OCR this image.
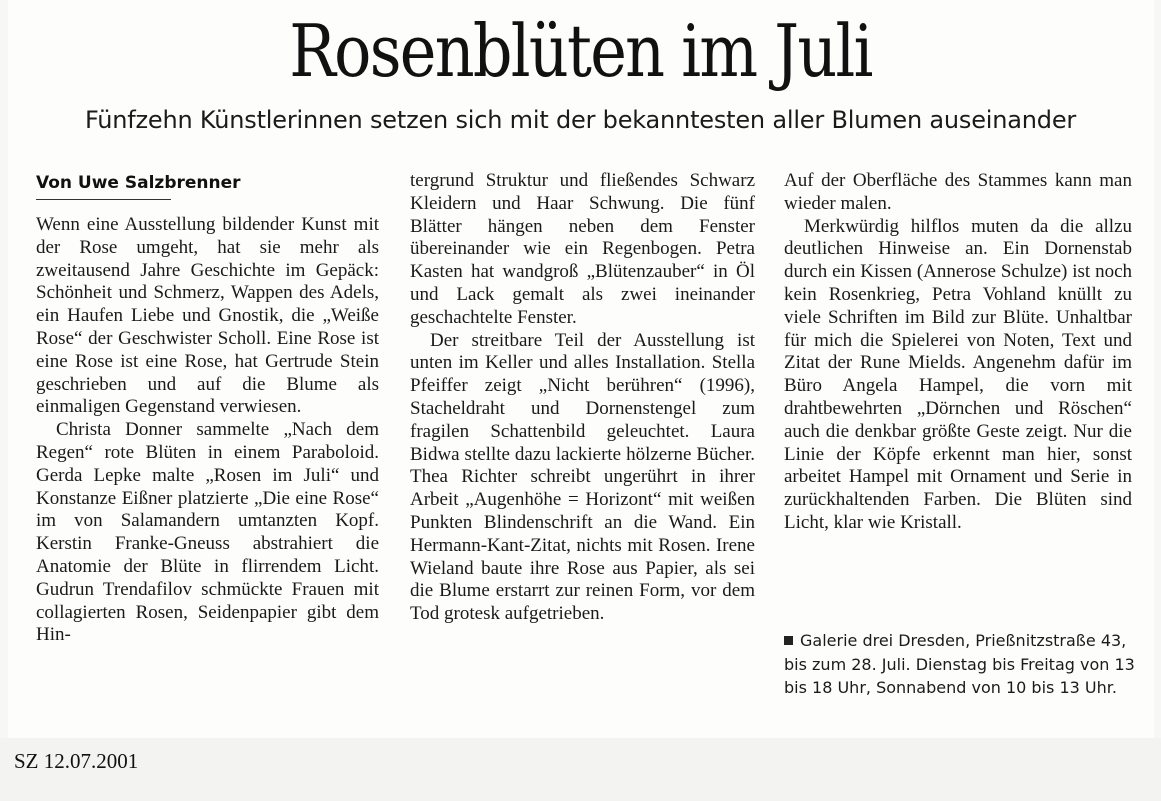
Rosenblüten im Juli
Fünfzehn Künstlerinnen setzen sich mit der bekanntesten aller Blumen auseinander
Von Uwe Salzbrenner

Wenn eine Ausstellung bildender Kunst mit der Rose umgeht, hat sie mehr als zweitausend Jahre Geschichte im Gepäck: Schönheit und Schmerz, Wappen des Adels, ein Haufen Liebe und Gnostik, die „Weiße Rose“ der Geschwister Scholl. Eine Rose ist eine Rose ist eine Rose, hat Gertrude Stein geschrieben und auf die Blume als einmaligen Gegenstand verwiesen.

Christa Donner sammelte „Nach dem Regen“ rote Blüten in einem Paraboloid. Gerda Lepke malte „Rosen im Juli“ und Konstanze Eißner platzierte „Die eine Rose“ im von Salamandern umtanzten Kopf. Kerstin Franke-Gneuss abstrahiert die Anatomie der Blüte in flirrendem Licht. Gudrun Trendafilov schmückte Frauen mit collagierten Rosen, Seidenpapier gibt dem Hin-

tergrund Struktur und fließendes Schwarz Kleidern und Haar Schwung. Die fünf Blätter hängen neben dem Fenster übereinander wie ein Regenbogen. Petra Kasten hat wandgroß „Blütenzauber“ in Öl und Lack gemalt als zwei ineinander geschachtelte Fenster.

Der streitbare Teil der Ausstellung ist unten im Keller und alles Installation. Stella Pfeiffer zeigt „Nicht berühren“ (1996), Stacheldraht und Dornenstengel zum fragilen Schattenbild geleuchtet. Laura Bidwa stellte dazu lackierte hölzerne Bücher. Thea Richter schreibt ungerührt in ihrer Arbeit „Augenhöhe = Horizont“ mit weißen Punkten Blindenschrift an die Wand. Ein Hermann-Kant-Zitat, nichts mit Rosen. Irene Wieland baute ihre Rose aus Papier, als sei die Blume erstarrt zur reinen Form, vor dem Tod grotesk aufgetrieben.

Auf der Oberfläche des Stammes kann man wieder malen.

Merkwürdig hilflos muten da die allzu deutlichen Hinweise an. Ein Dornenstab durch ein Kissen (Annerose Schulze) ist noch kein Rosenkrieg, Petra Vohland knüllt zu viele Schriften im Bild zur Blüte. Unhaltbar für mich die Spielerei von Noten, Text und Zitat der Rune Mields. Angenehm dafür im Büro Angela Hampel, die vorn mit drahtbewehrten „Dörnchen und Röschen“ auch die denkbar größte Geste zeigt. Nur die Linie der Köpfe erkennt man hier, sonst arbeitet Hampel mit Ornament und Serie in zurückhaltenden Farben. Die Blüten sind Licht, klar wie Kristall.

Galerie drei Dresden, Prießnitzstraße 43, bis zum 28. Juli. Dienstag bis Freitag von 13 bis 18 Uhr, Sonnabend von 10 bis 13 Uhr.
SZ 12.07.2001
